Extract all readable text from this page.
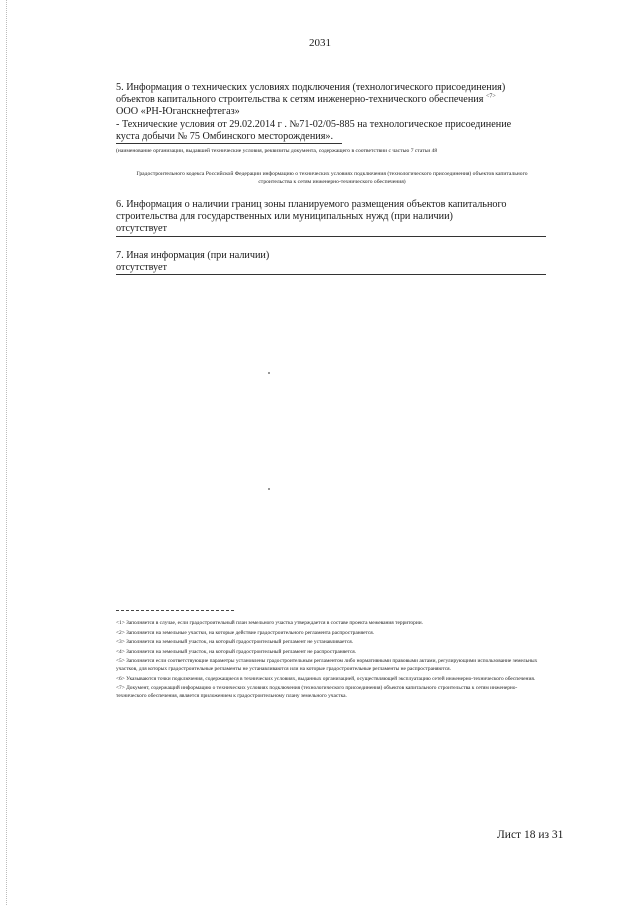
2031
5. Информация о технических условиях подключения (технологического присоединения) объектов капитального строительства к сетям инженерно-технического обеспечения $^{<7>}$
ООО «РН-Юганскнефтегаз»
- Технические условия от 29.02.2014 г . №71-02/05-885 на технологическое присоединение

куста добычи № 75 Омбинского месторождения».
(наименование организации, выдавшей технические условия, реквизиты документа, содержащего в соответствии с частью 7 статьи 48
Градостроительного кодекса Российской Федерации информацию о технических условиях подключения (технологического присоединения) объектов капитального строительства к сетям инженерно-технического обеспечения)
6. Информация о наличии границ зоны планируемого размещения объектов капитального строительства для государственных или муниципальных нужд (при наличии)
отсутствует
7. Иная информация (при наличии)
отсутствует

<1> Заполняется в случае, если градостроительный план земельного участка утверждается в составе проекта межевания территории.

<2> Заполняется на земельные участки, на которые действие градостроительного регламента распространяется.

<3> Заполняется на земельный участок, на который градостроительный регламент не устанавливается.

<4> Заполняется на земельный участок, на который градостроительный регламент не распространяется.

<5> Заполняется если соответствующие параметры установлены градостроительным регламентом либо нормативными правовыми актами, регулирующими использование земельных участков, для которых градостроительные регламенты не устанавливаются или на которые градостроительные регламенты не распространяются.

<6> Указываются точки подключения, содержащиеся в технических условиях, выданных организацией, осуществляющей эксплуатацию сетей инженерно-технического обеспечения.

<7> Документ, содержащий информацию о технических условиях подключения (технологического присоединения) объектов капитального строительства к сетям инженерно-технического обеспечения, является приложением к градостроительному плану земельного участка.

Лист 18 из 31
